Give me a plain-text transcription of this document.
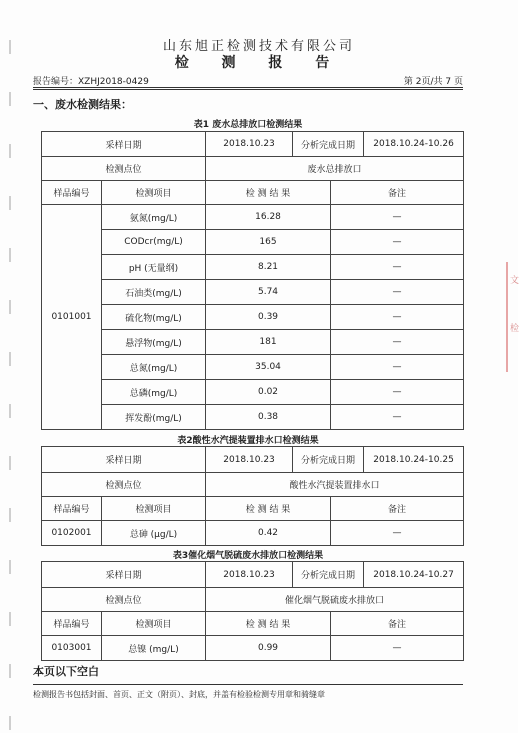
文
检
山东旭正检测技术有限公司
检 测 报 告
报告编号：XZHJ2018-0429	第 2页/共 7 页
一、废水检测结果：
表1 废水总排放口检测结果
采样日期		2018.10.23 分析完成日期 2018.10.24-10.26	

检测点位		废水总排放口	
样品编号	检测项目	检 测 结 果	备注
0101001	氨氮(mg/L)	16.28	—
	CODcr(mg/L)	165	—
	pH (无量纲)	8.21	—
	石油类(mg/L)	5.74	—
	硫化物(mg/L)	0.39	—
	悬浮物(mg/L)	181	—
	总氮(mg/L)	35.04	—
	总磷(mg/L)	0.02	—
	挥发酚(mg/L)	0.38	—
表2酸性水汽提装置排水口检测结果
采样日期		2018.10.23 分析完成日期 2018.10.24-10.25	

检测点位		酸性水汽提装置排水口	
样品编号	检测项目	检 测 结 果	备注
0102001	总砷 (μg/L)	0.42	—
表3催化烟气脱硫废水排放口检测结果
采样日期		2018.10.23 分析完成日期 2018.10.24-10.27	

检测点位		催化烟气脱硫废水排放口	
样品编号	检测项目	检 测 结 果	备注
0103001	总镍 (mg/L)	0.99	—
本页以下空白
检测报告书包括封面、首页、正文（附页）、封底，并盖有检验检测专用章和骑缝章
